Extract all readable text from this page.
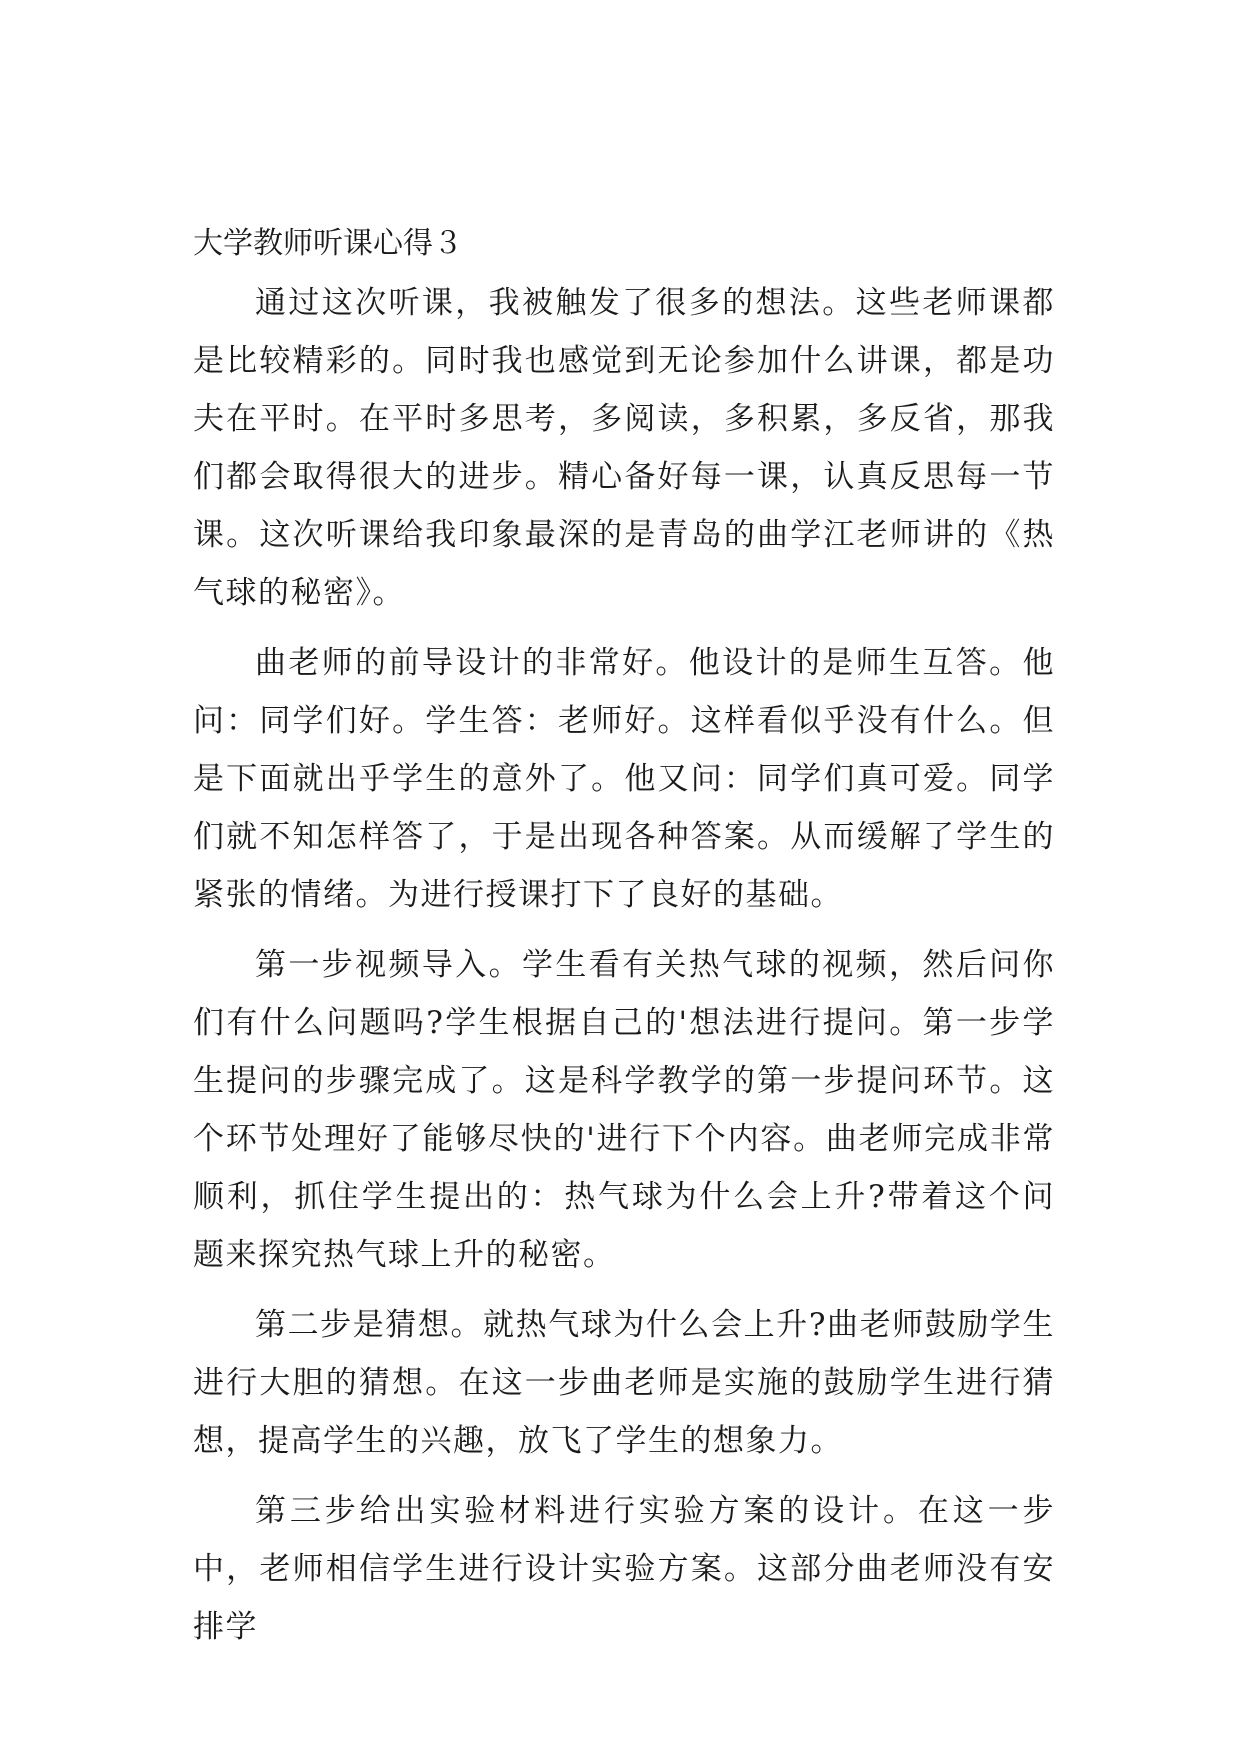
大学教师听课心得３

通过这次听课，我被触发了很多的想法。这些老师课都是比较精彩的。同时我也感觉到无论参加什么讲课，都是功夫在平时。在平时多思考，多阅读，多积累，多反省，那我们都会取得很大的进步。精心备好每一课，认真反思每一节课。这次听课给我印象最深的是青岛的曲学江老师讲的《热气球的秘密》。

曲老师的前导设计的非常好。他设计的是师生互答。他问：同学们好。学生答：老师好。这样看似乎没有什么。但是下面就出乎学生的意外了。他又问：同学们真可爱。同学们就不知怎样答了，于是出现各种答案。从而缓解了学生的紧张的情绪。为进行授课打下了良好的基础。

第一步视频导入。学生看有关热气球的视频，然后问你们有什么问题吗?学生根据自己的'想法进行提问。第一步学生提问的步骤完成了。这是科学教学的第一步提问环节。这个环节处理好了能够尽快的'进行下个内容。曲老师完成非常顺利，抓住学生提出的：热气球为什么会上升?带着这个问题来探究热气球上升的秘密。

第二步是猜想。就热气球为什么会上升?曲老师鼓励学生进行大胆的猜想。在这一步曲老师是实施的鼓励学生进行猜想，提高学生的兴趣，放飞了学生的想象力。

第三步给出实验材料进行实验方案的设计。在这一步中，老师相信学生进行设计实验方案。这部分曲老师没有安排学
